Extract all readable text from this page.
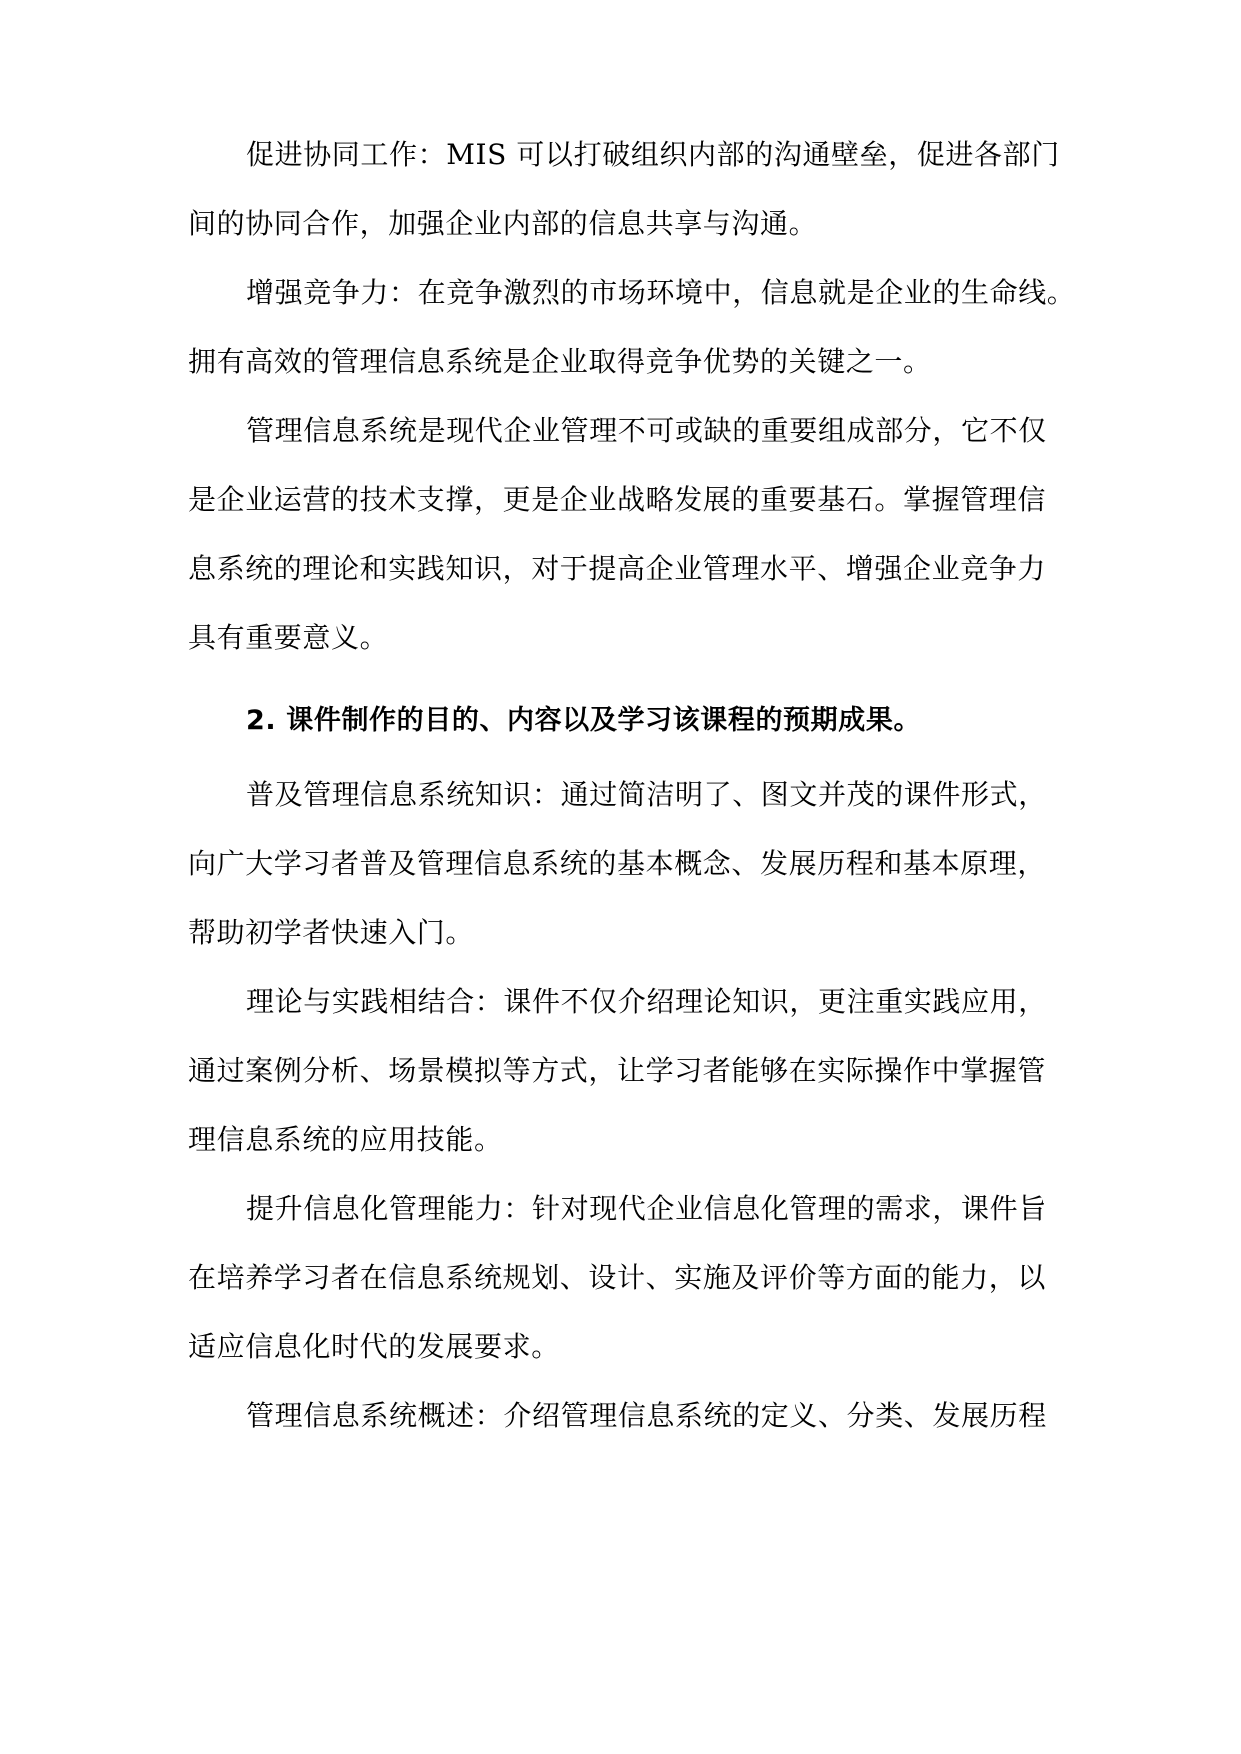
促进协同工作：MIS 可以打破组织内部的沟通壁垒，促进各部门
间的协同合作，加强企业内部的信息共享与沟通。
增强竞争力：在竞争激烈的市场环境中，信息就是企业的生命线。
拥有高效的管理信息系统是企业取得竞争优势的关键之一。
管理信息系统是现代企业管理不可或缺的重要组成部分，它不仅
是企业运营的技术支撑，更是企业战略发展的重要基石。掌握管理信
息系统的理论和实践知识，对于提高企业管理水平、增强企业竞争力
具有重要意义。
2. 课件制作的目的、内容以及学习该课程的预期成果。
普及管理信息系统知识：通过简洁明了、图文并茂的课件形式，
向广大学习者普及管理信息系统的基本概念、发展历程和基本原理，
帮助初学者快速入门。
理论与实践相结合：课件不仅介绍理论知识，更注重实践应用，
通过案例分析、场景模拟等方式，让学习者能够在实际操作中掌握管
理信息系统的应用技能。
提升信息化管理能力：针对现代企业信息化管理的需求，课件旨
在培养学习者在信息系统规划、设计、实施及评价等方面的能力，以
适应信息化时代的发展要求。
管理信息系统概述：介绍管理信息系统的定义、分类、发展历程
